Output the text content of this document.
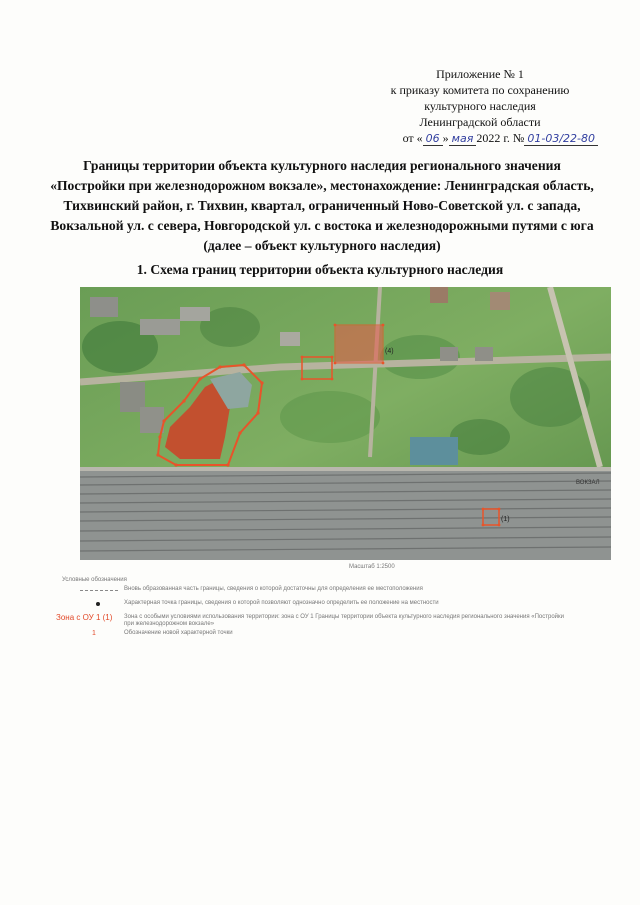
Приложение № 1
к приказу комитета по сохранению
культурного наследия
Ленинградской области
от « 06 » мая 2022 г. № 01-03/22-80
Границы территории объекта культурного наследия регионального значения «Постройки при железнодорожном вокзале», местонахождение: Ленинградская область, Тихвинский район, г. Тихвин, квартал, ограниченный Ново-Советской ул. с запада, Вокзальной ул. с севера, Новгородской ул. с востока и железнодорожными путями с юга (далее – объект культурного наследия)
1. Схема границ территории объекта культурного наследия
(4)
(1)
ВОКЗАЛ
Масштаб 1:2500
Условные обозначения
Вновь образованная часть границы, сведения о которой достаточны для определения ее местоположения
Характерная точка границы, сведения о которой позволяют однозначно определить ее положение на местности
Зона с ОУ 1 (1) Зона с особыми условиями использования территории: зона с ОУ 1 Границы территории объекта культурного наследия регионального значения «Постройки при железнодорожном вокзале»
1	Обозначение новой характерной точки
